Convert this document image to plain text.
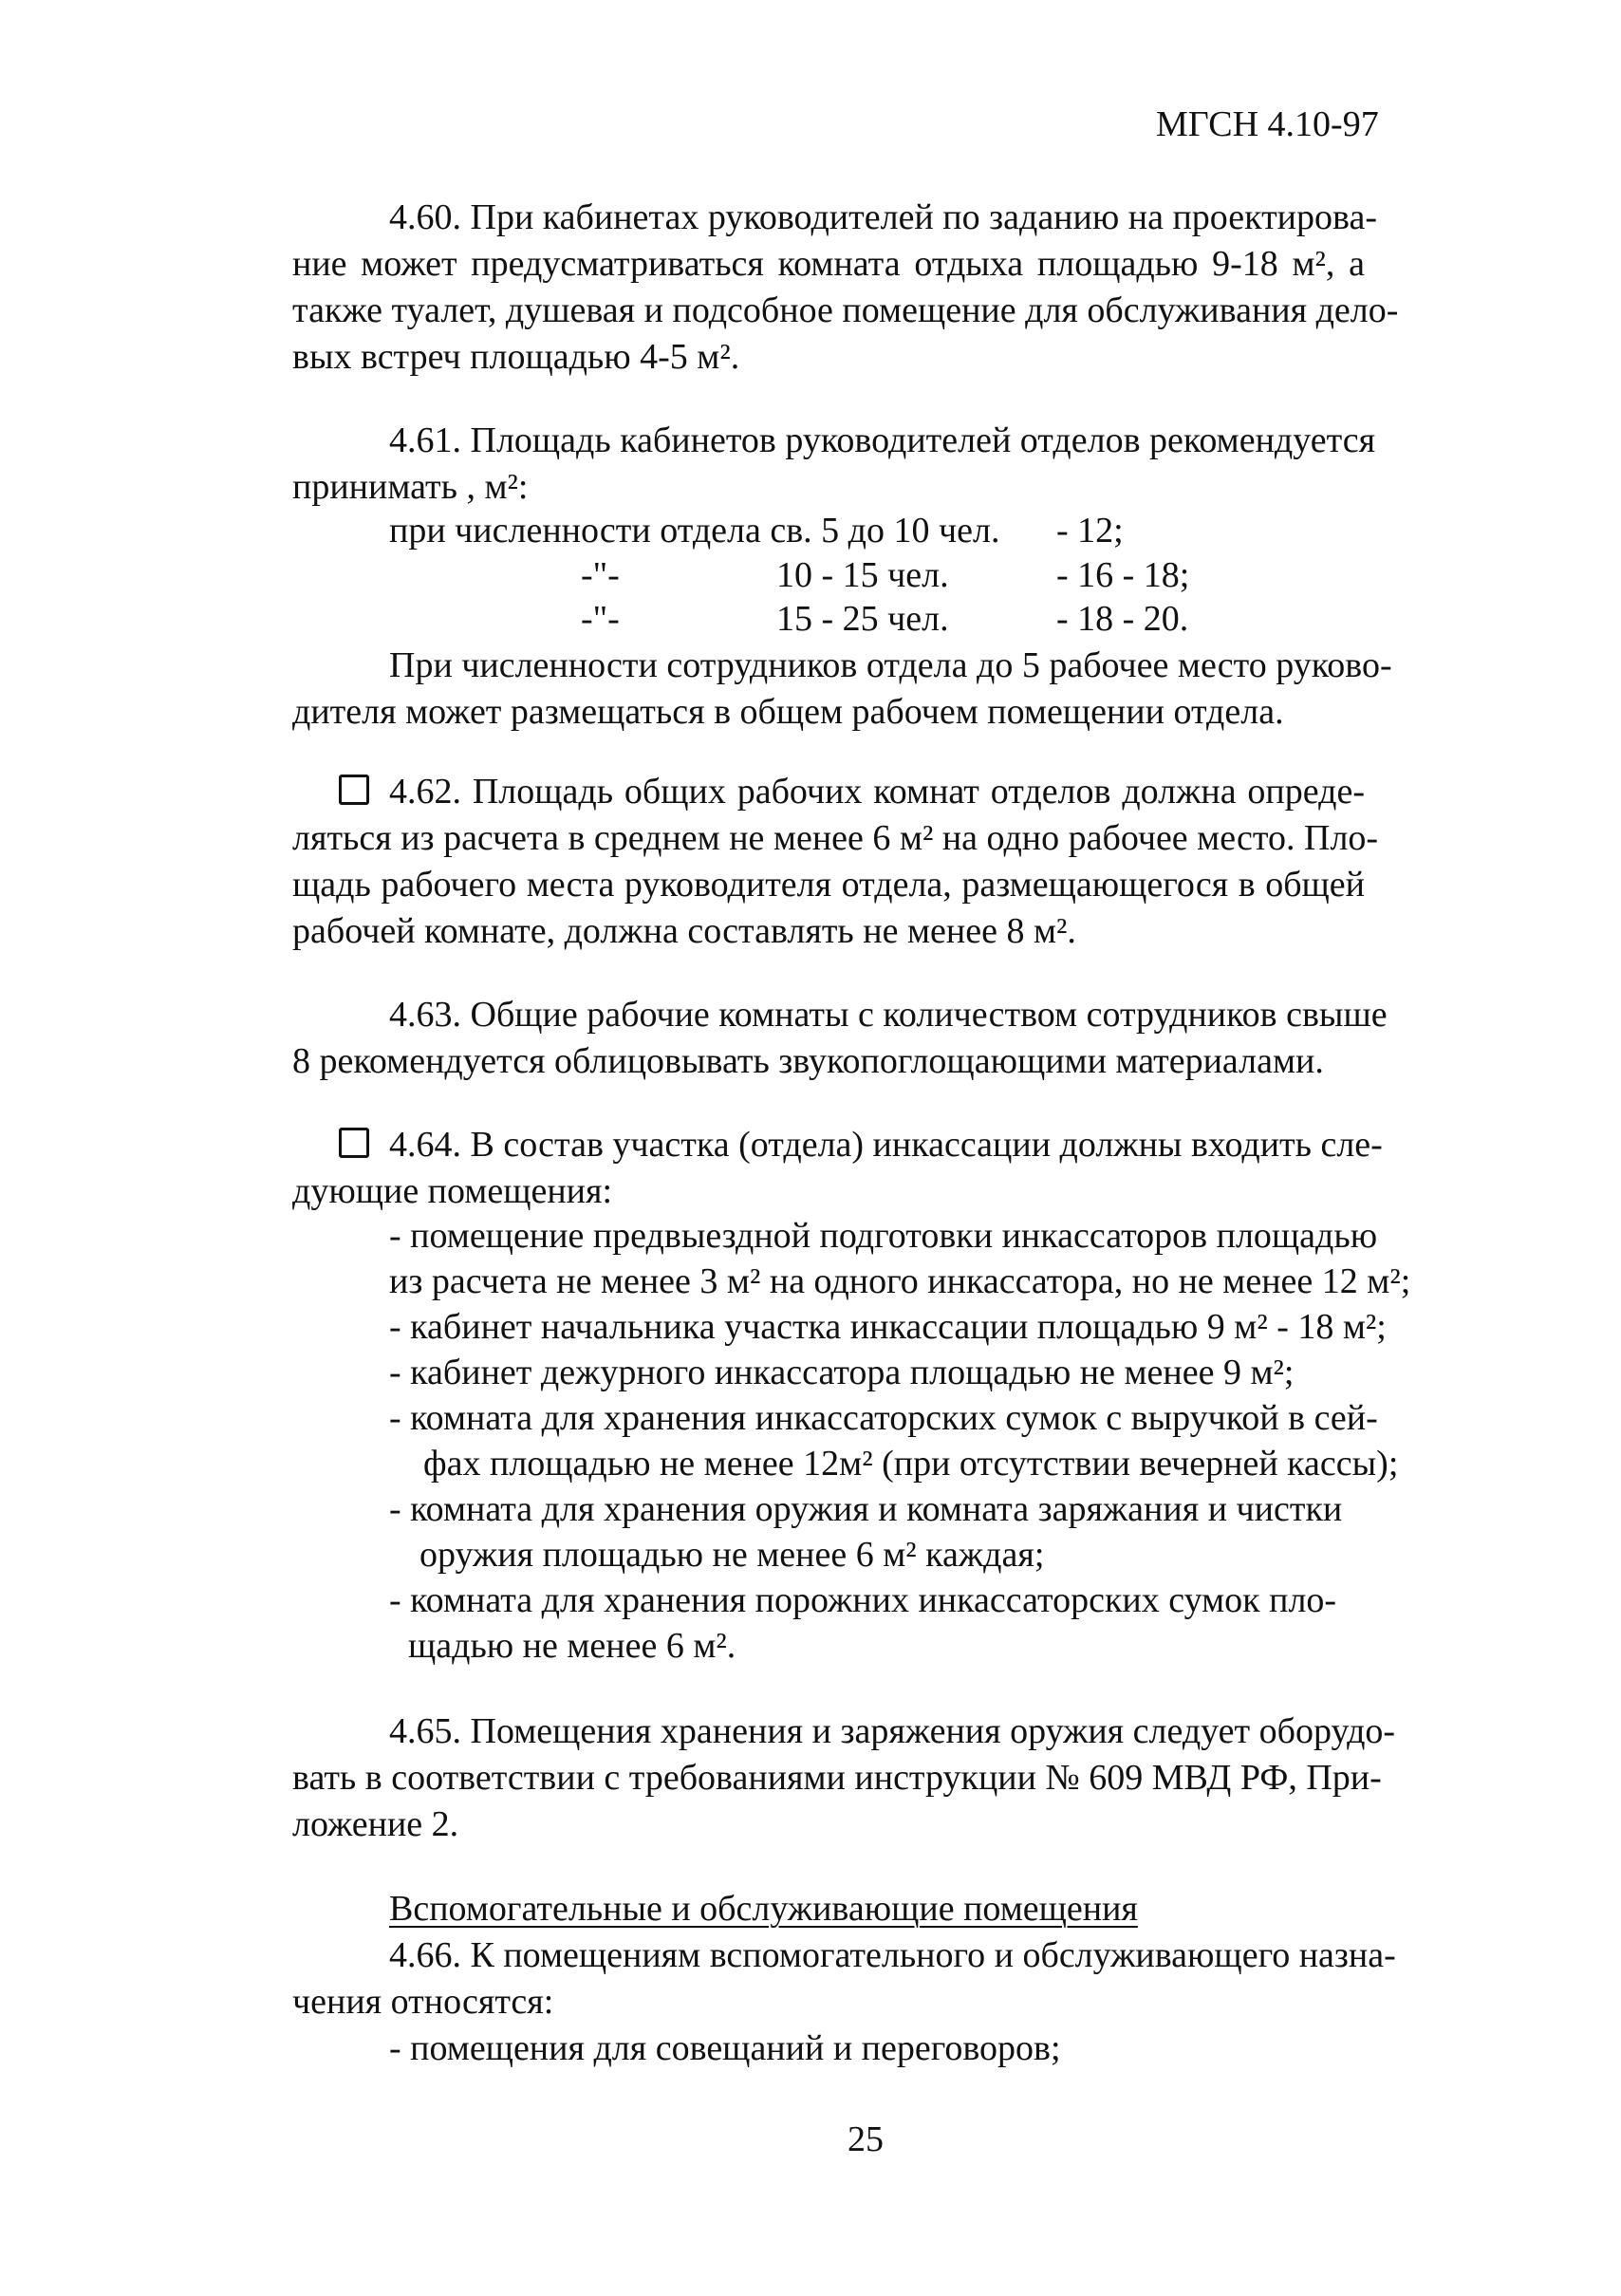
МГСН 4.10-97
4.60. При кабинетах руководителей по заданию на проектирова-
ние может предусматриваться комната отдыха площадью 9-18 м², а
также туалет, душевая и подсобное помещение для обслуживания дело-
вых встреч площадью 4-5 м².
4.61. Площадь кабинетов руководителей отделов рекомендуется
принимать , м²:
при численности отдела св. 5 до 10 чел. - 12;
-"-	10 - 15 чел.	- 16 - 18;
-"-	15 - 25 чел.	- 18 - 20.
При численности сотрудников отдела до 5 рабочее место руково-
дителя может размещаться в общем рабочем помещении отдела.
4.62. Площадь общих рабочих комнат отделов должна опреде-
ляться из расчета в среднем не менее 6 м² на одно рабочее место. Пло-
щадь рабочего места руководителя отдела, размещающегося в общей
рабочей комнате, должна составлять не менее 8 м².
4.63. Общие рабочие комнаты с количеством сотрудников свыше
8 рекомендуется облицовывать звукопоглощающими материалами.
4.64. В состав участка (отдела) инкассации должны входить сле-
дующие помещения:
- помещение предвыездной подготовки инкассаторов площадью
из расчета не менее 3 м² на одного инкассатора, но не менее 12 м²;
- кабинет начальника участка инкассации площадью 9 м² - 18 м²;
- кабинет дежурного инкассатора площадью не менее 9 м²;
- комната для хранения инкассаторских сумок с выручкой в сей-
фах площадью не менее 12м² (при отсутствии вечерней кассы);
- комната для хранения оружия и комната заряжания и чистки
оружия площадью не менее 6 м² каждая;
- комната для хранения порожних инкассаторских сумок пло-
щадью не менее 6 м².
4.65. Помещения хранения и заряжения оружия следует оборудо-
вать в соответствии с требованиями инструкции № 609 МВД РФ, При-
ложение 2.
Вспомогательные и обслуживающие помещения
4.66. К помещениям вспомогательного и обслуживающего назна-
чения относятся:
- помещения для совещаний и переговоров;
25
